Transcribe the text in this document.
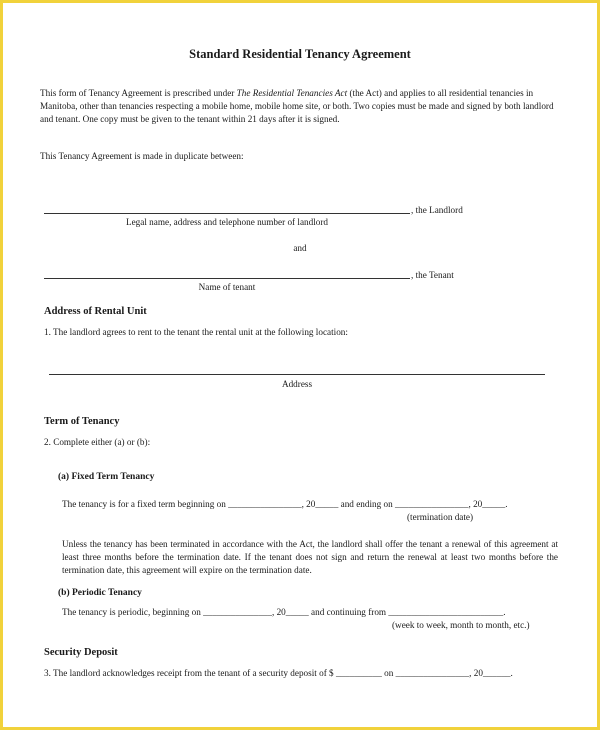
Standard Residential Tenancy Agreement
This form of Tenancy Agreement is prescribed under The Residential Tenancies Act (the Act) and applies to all residential tenancies in Manitoba, other than tenancies respecting a mobile home, mobile home site, or both. Two copies must be made and signed by both landlord and tenant. One copy must be given to the tenant within 21 days after it is signed.
This Tenancy Agreement is made in duplicate between:
, the Landlord
Legal name, address and telephone number of landlord
and
, the Tenant
Name of tenant
Address of Rental Unit
1. The landlord agrees to rent to the tenant the rental unit at the following location:
Address
Term of Tenancy
2. Complete either (a) or (b):
(a) Fixed Term Tenancy
The tenancy is for a fixed term beginning on ________________, 20_____ and ending on ________________, 20_____.
(termination date)
Unless the tenancy has been terminated in accordance with the Act, the landlord shall offer the tenant a renewal of this agreement at least three months before the termination date. If the tenant does not sign and return the renewal at least two months before the termination date, this agreement will expire on the termination date.
(b) Periodic Tenancy
The tenancy is periodic, beginning on _______________, 20_____ and continuing from _________________________.
(week to week, month to month, etc.)
Security Deposit
3. The landlord acknowledges receipt from the tenant of a security deposit of $ __________ on ________________, 20______.
